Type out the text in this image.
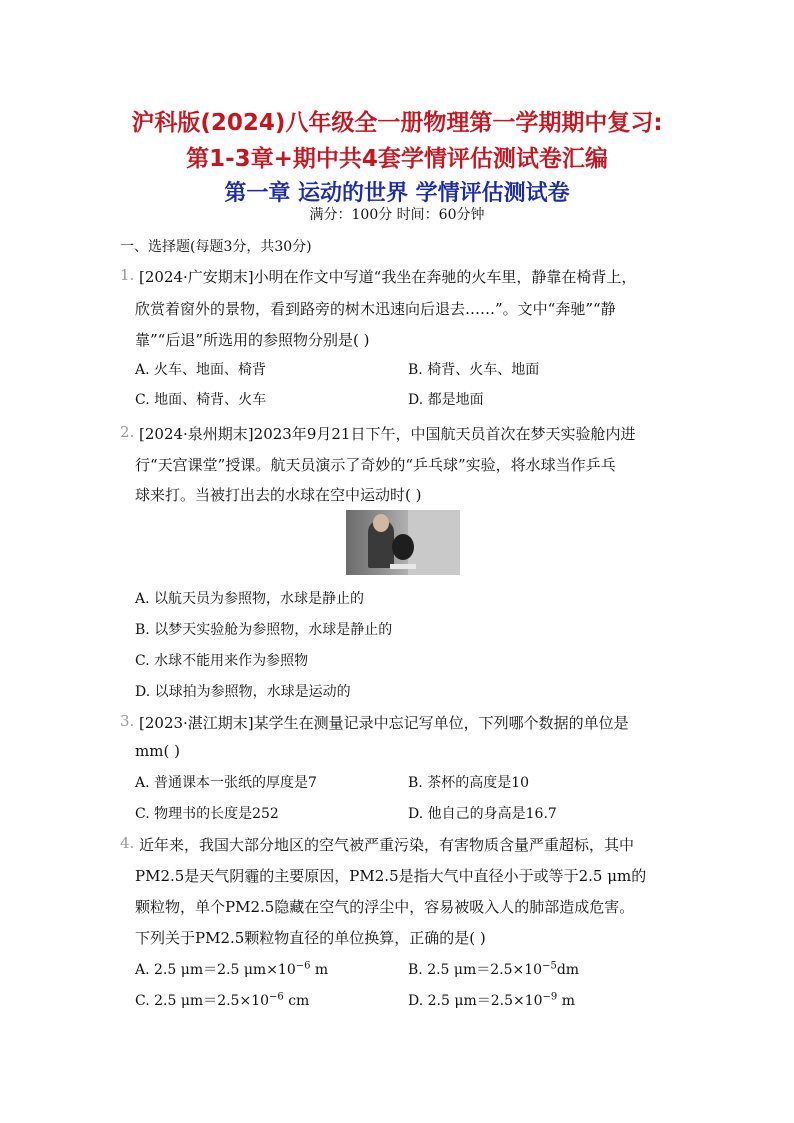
沪科版(2024)八年级全一册物理第一学期期中复习:
第1-3章+期中共4套学情评估测试卷汇编
第一章 运动的世界 学情评估测试卷
满分：100分 时间：60分钟
一、选择题(每题3分，共30分)
1. [2024·广安期末]小明在作文中写道“我坐在奔驰的火车里，静靠在椅背上，
欣赏着窗外的景物，看到路旁的树木迅速向后退去……”。文中“奔驰”“静
靠”“后退”所选用的参照物分别是( )
A. 火车、地面、椅背	B. 椅背、火车、地面
C. 地面、椅背、火车	D. 都是地面
2. [2024·泉州期末]2023年9月21日下午，中国航天员首次在梦天实验舱内进
行“天宫课堂”授课。航天员演示了奇妙的“乒乓球”实验，将水球当作乒乓
球来打。当被打出去的水球在空中运动时( )
A. 以航天员为参照物，水球是静止的
B. 以梦天实验舱为参照物，水球是静止的
C. 水球不能用来作为参照物
D. 以球拍为参照物，水球是运动的
3. [2023·湛江期末]某学生在测量记录中忘记写单位，下列哪个数据的单位是
mm( )
A. 普通课本一张纸的厚度是7	B. 茶杯的高度是10
C. 物理书的长度是252	D. 他自己的身高是16.7
4. 近年来，我国大部分地区的空气被严重污染，有害物质含量严重超标，其中
PM2.5是天气阴霾的主要原因，PM2.5是指大气中直径小于或等于2.5 μm的
颗粒物，单个PM2.5隐藏在空气的浮尘中，容易被吸入人的肺部造成危害。
下列关于PM2.5颗粒物直径的单位换算，正确的是( )
A. 2.5 μm＝2.5 $\mu m\times 10^{-6}$ m	B. 2.5 $\mu m=2.5\times 10^{-5}dm$
C. 2.5 $\mu m=2.5\times 10^{-6}$ cm	D. 2.5 $\mu m=2.5\times 10^{-9}$ m
